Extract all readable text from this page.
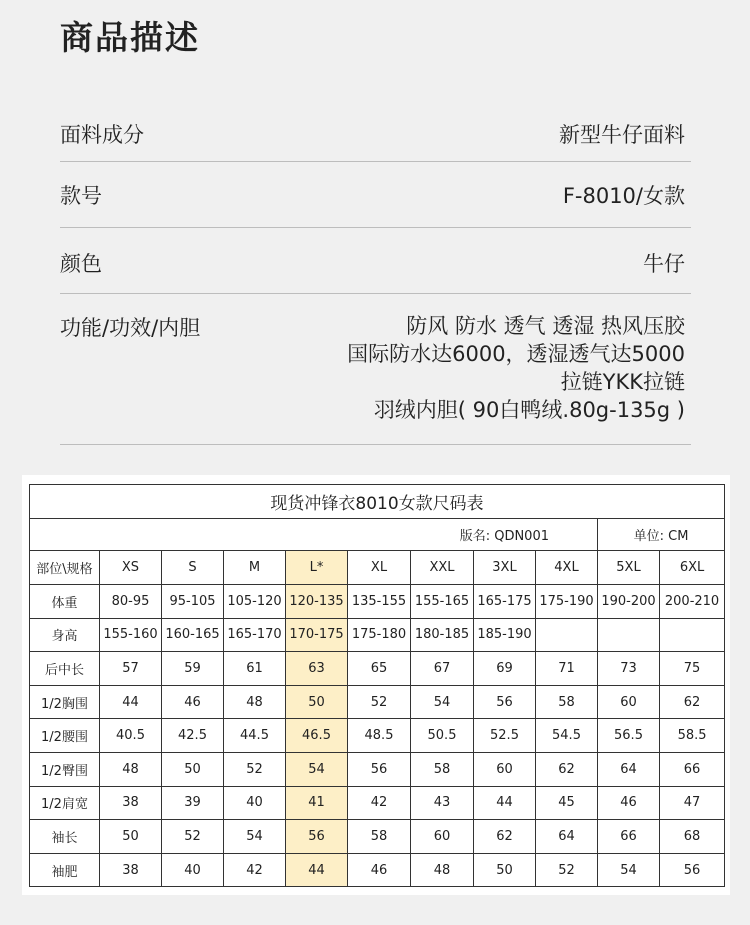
商品描述
面料成分	新型牛仔面料
款号	F-8010/女款
颜色	牛仔
功能/功效/内胆	防风 防水 透气 透湿 热风压胶
国际防水达6000，透湿透气达5000
拉链YKK拉链
羽绒内胆( 90白鸭绒.80g-135g )
现货冲锋衣8010女款尺码表										
版名: QDN001									单位: CM	
部位\规格	XS	S	M	L*	XL	XXL	3XL	4XL	5XL	6XL
体重	80-95	95-105	105-120	120-135	135-155	155-165	165-175	175-190	190-200	200-210
身高	155-160	160-165	165-170	170-175	175-180	180-185	185-190			
后中长	57	59	61	63	65	67	69	71	73	75
1/2胸围	44	46	48	50	52	54	56	58	60	62
1/2腰围	40.5	42.5	44.5	46.5	48.5	50.5	52.5	54.5	56.5	58.5
1/2臀围	48	50	52	54	56	58	60	62	64	66
1/2肩宽	38	39	40	41	42	43	44	45	46	47
袖长	50	52	54	56	58	60	62	64	66	68
袖肥	38	40	42	44	46	48	50	52	54	56
